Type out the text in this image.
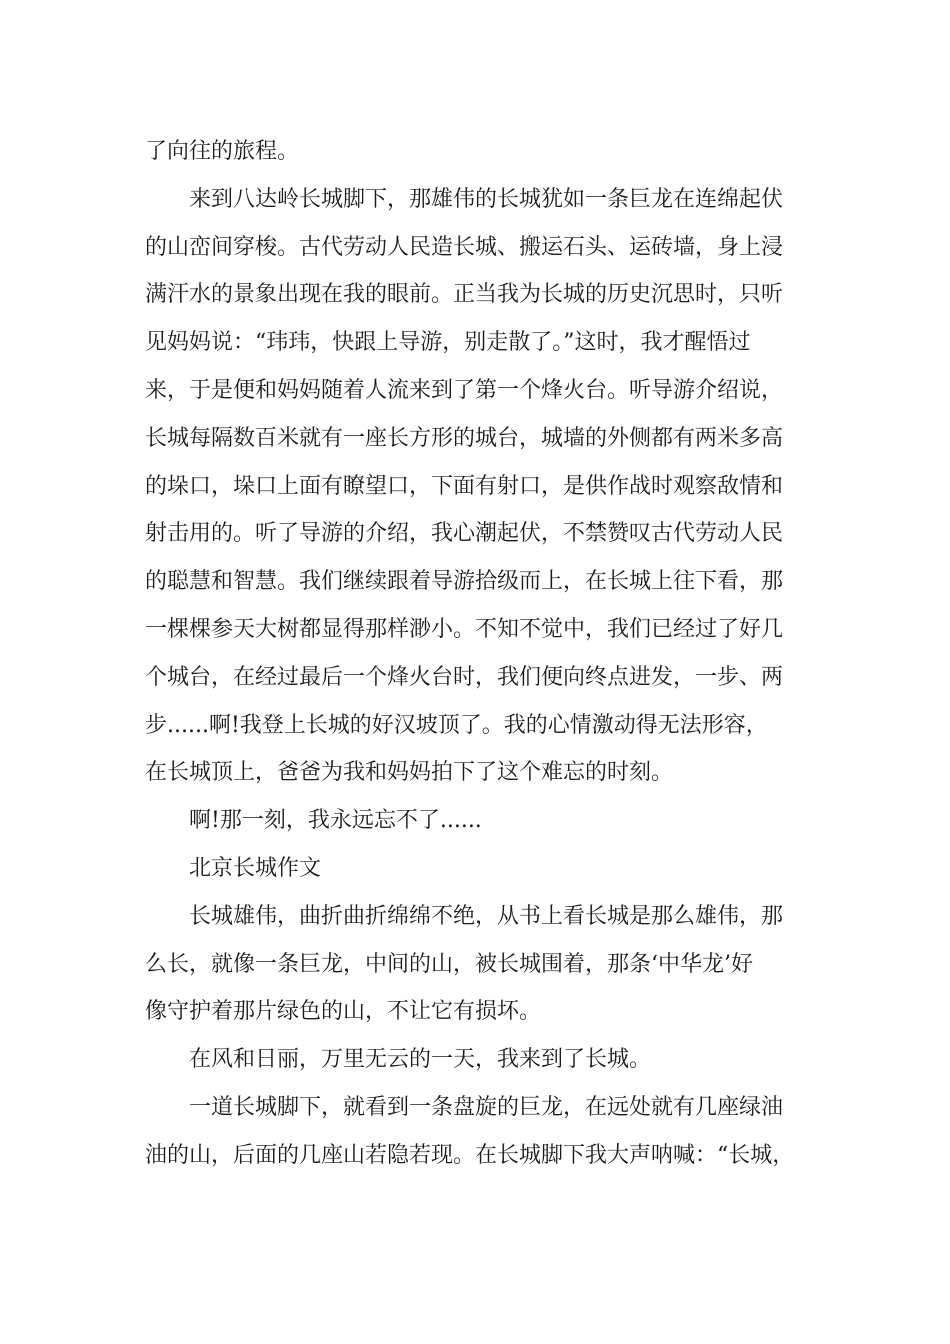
了向往的旅程。
来到八达岭长城脚下，那雄伟的长城犹如一条巨龙在连绵起伏
的山峦间穿梭。古代劳动人民造长城、搬运石头、运砖墙，身上浸
满汗水的景象出现在我的眼前。正当我为长城的历史沉思时，只听
见妈妈说：“玮玮，快跟上导游，别走散了。”这时，我才醒悟过
来，于是便和妈妈随着人流来到了第一个烽火台。听导游介绍说，
长城每隔数百米就有一座长方形的城台，城墙的外侧都有两米多高
的垛口，垛口上面有瞭望口，下面有射口，是供作战时观察敌情和
射击用的。听了导游的介绍，我心潮起伏，不禁赞叹古代劳动人民
的聪慧和智慧。我们继续跟着导游拾级而上，在长城上往下看，那
一棵棵参天大树都显得那样渺小。不知不觉中，我们已经过了好几
个城台，在经过最后一个烽火台时，我们便向终点进发，一步、两
步......啊!我登上长城的好汉坡顶了。我的心情激动得无法形容，
在长城顶上，爸爸为我和妈妈拍下了这个难忘的时刻。
啊!那一刻，我永远忘不了......
北京长城作文
长城雄伟，曲折曲折绵绵不绝，从书上看长城是那么雄伟，那
么长，就像一条巨龙，中间的山，被长城围着，那条‘中华龙’好
像守护着那片绿色的山，不让它有损坏。
在风和日丽，万里无云的一天，我来到了长城。
一道长城脚下，就看到一条盘旋的巨龙，在远处就有几座绿油
油的山，后面的几座山若隐若现。在长城脚下我大声呐喊：“长城，
